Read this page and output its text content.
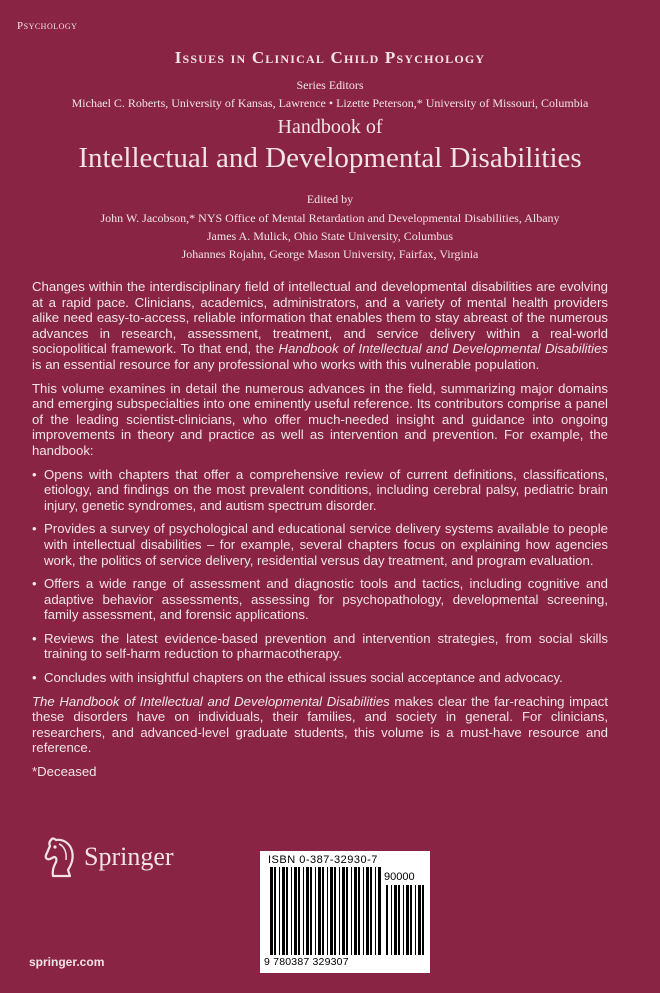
Psychology
Issues in Clinical Child Psychology
Series Editors
Michael C. Roberts, University of Kansas, Lawrence • Lizette Peterson,* University of Missouri, Columbia
Handbook of
Intellectual and Developmental Disabilities
Edited by
John W. Jacobson,* NYS Office of Mental Retardation and Developmental Disabilities, Albany
James A. Mulick, Ohio State University, Columbus
Johannes Rojahn, George Mason University, Fairfax, Virginia

Changes within the interdisciplinary field of intellectual and developmental disabilities are evolving at a rapid pace. Clinicians, academics, administrators, and a variety of mental health providers alike need easy-to-access, reliable information that enables them to stay abreast of the numerous advances in research, assessment, treatment, and service delivery within a real-world sociopolitical framework. To that end, the Handbook of Intellectual and Developmental Disabilities is an essential resource for any professional who works with this vulnerable population.

This volume examines in detail the numerous advances in the field, summarizing major domains and emerging subspecialties into one eminently useful reference. Its contributors comprise a panel of the leading scientist-clinicians, who offer much-needed insight and guidance into ongoing improvements in theory and practice as well as intervention and prevention. For example, the handbook:

• Opens with chapters that offer a comprehensive review of current definitions, classifications, etiology, and findings on the most prevalent conditions, including cerebral palsy, pediatric brain injury, genetic syndromes, and autism spectrum disorder.
• Provides a survey of psychological and educational service delivery systems available to people with intellectual disabilities – for example, several chapters focus on explaining how agencies work, the politics of service delivery, residential versus day treatment, and program evaluation.
• Offers a wide range of assessment and diagnostic tools and tactics, including cognitive and adaptive behavior assessments, assessing for psychopathology, developmental screening, family assessment, and forensic applications.
• Reviews the latest evidence-based prevention and intervention strategies, from social skills training to self-harm reduction to pharmacotherapy.
• Concludes with insightful chapters on the ethical issues social acceptance and advocacy.

The Handbook of Intellectual and Developmental Disabilities makes clear the far-reaching impact these disorders have on individuals, their families, and society in general. For clinicians, researchers, and advanced-level graduate students, this volume is a must-have resource and reference.

*Deceased
Springer	ISBN 0-387-32930-7
90000
9 780387 329307
springer.com
